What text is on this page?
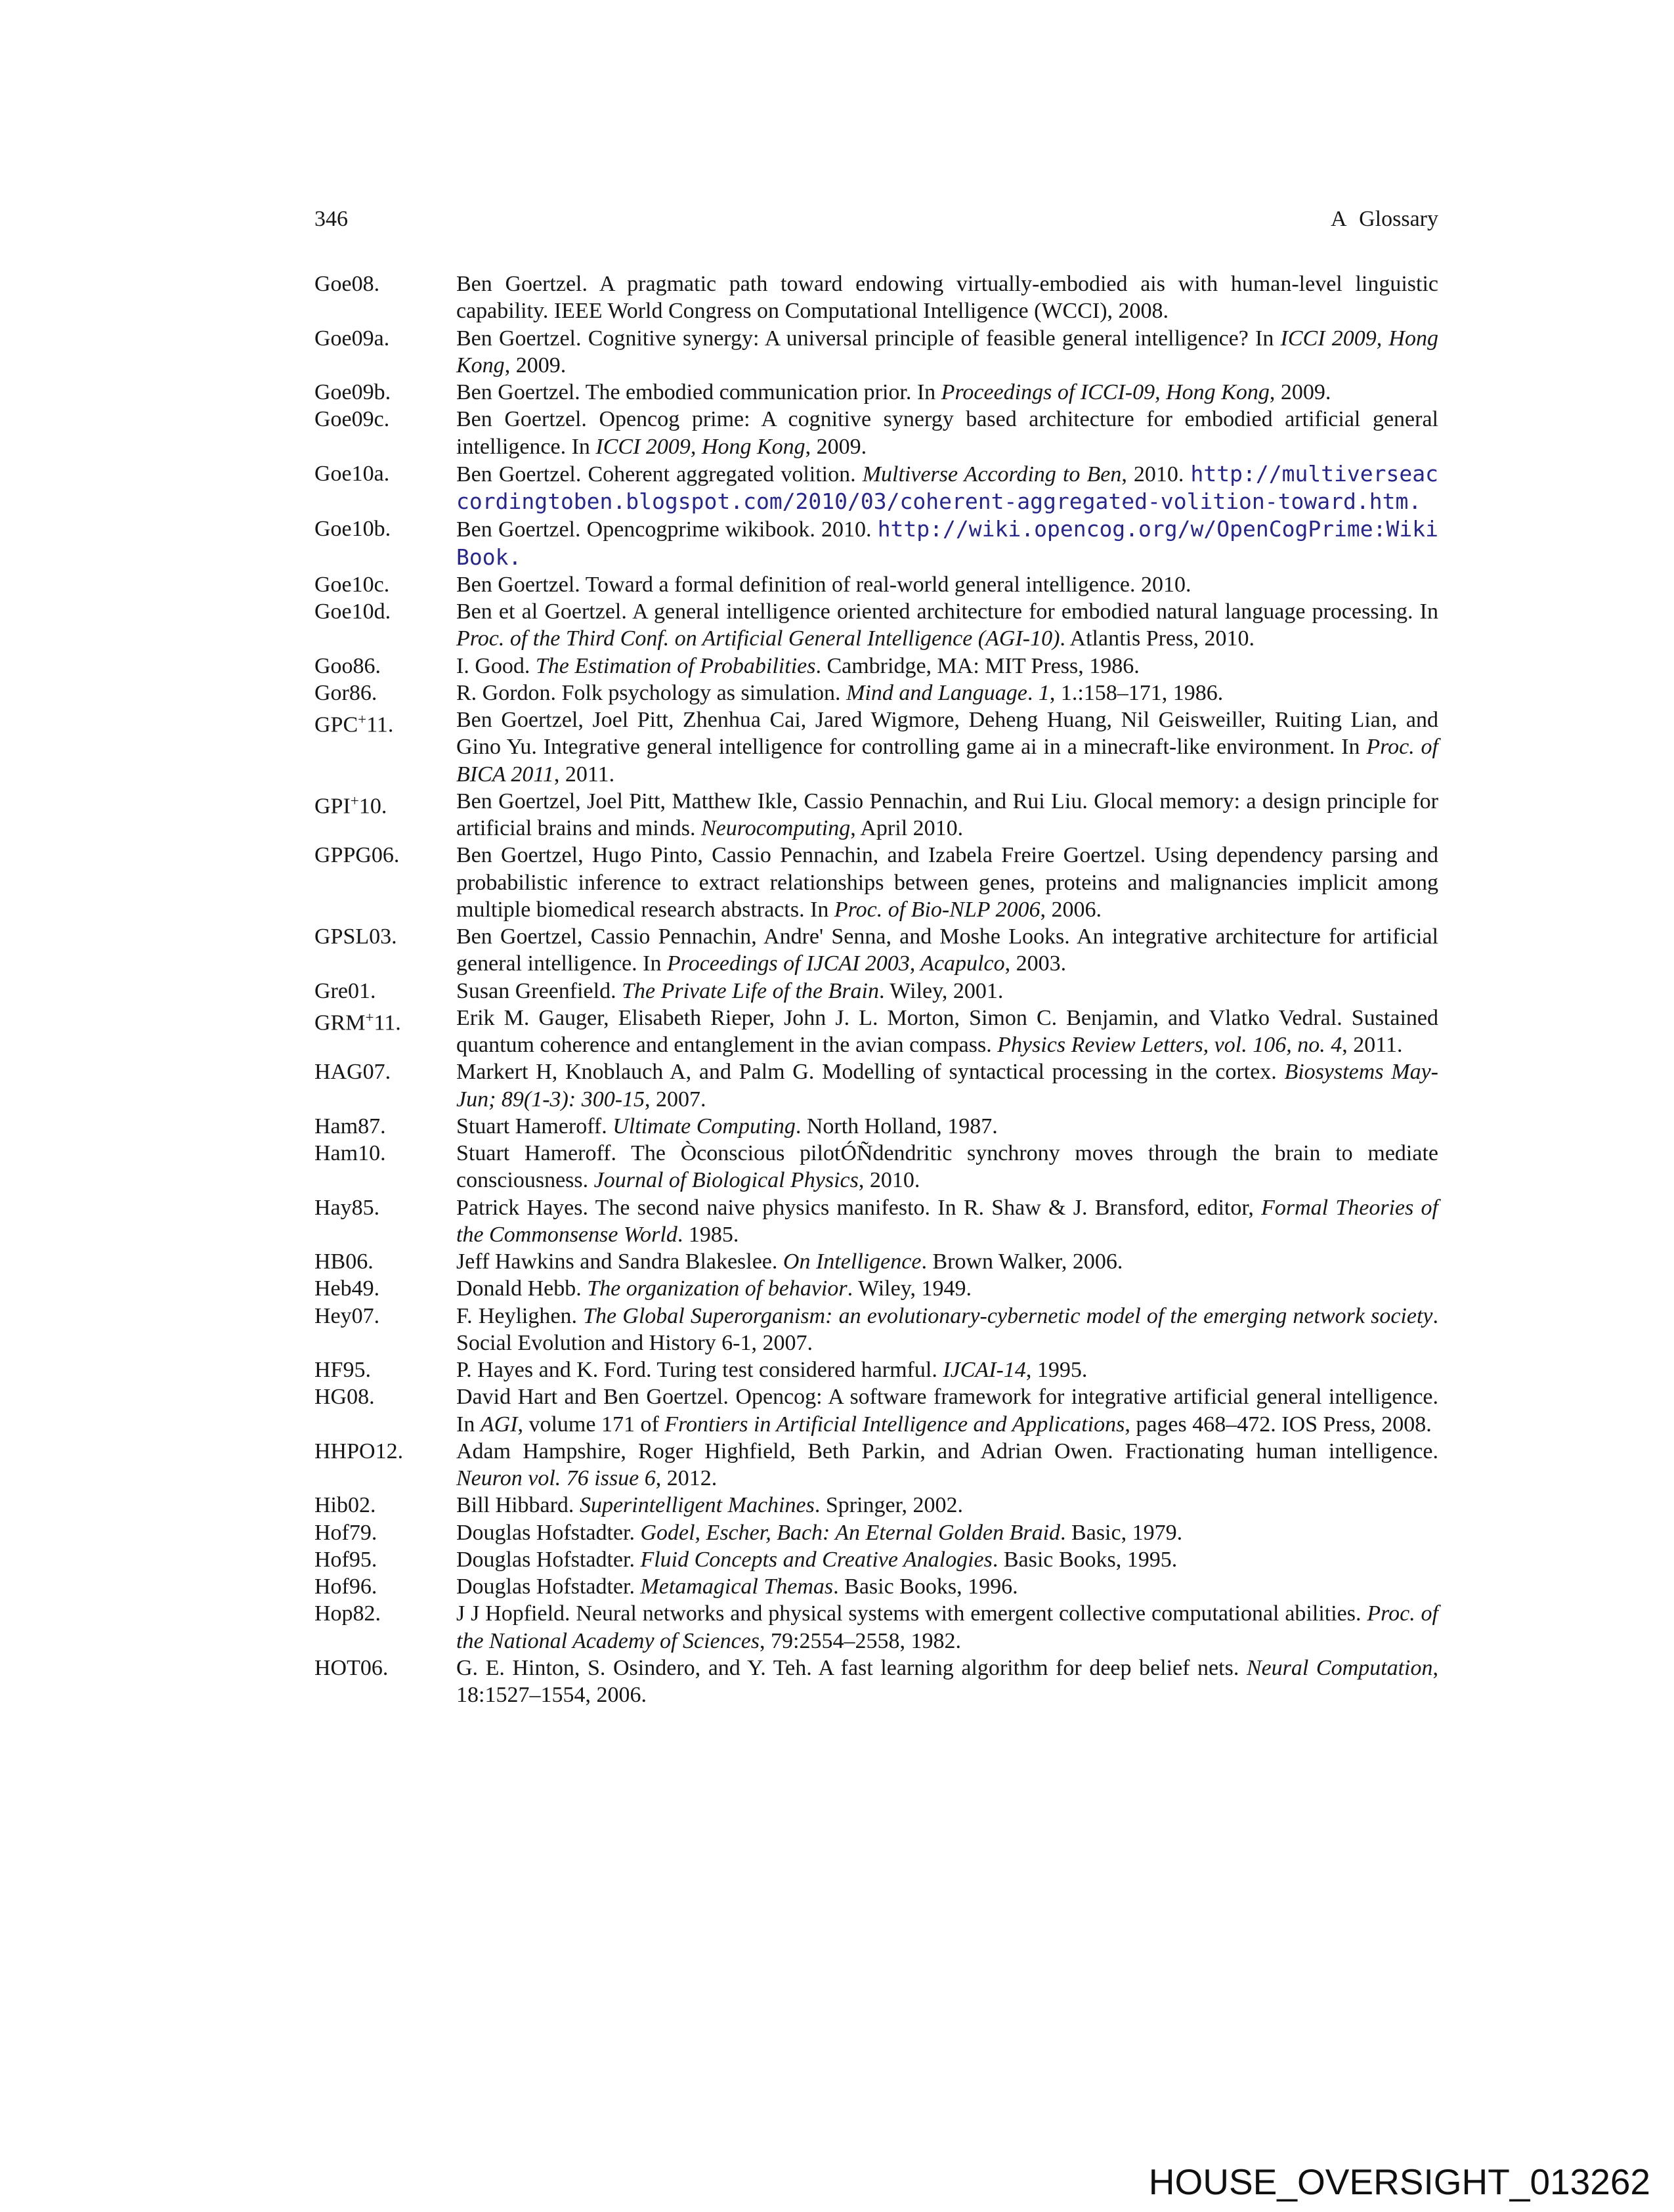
346	A Glossary
Goe08.	Ben Goertzel. A pragmatic path toward endowing virtually-embodied ais with human-level linguistic capability. IEEE World Congress on Computational Intelligence (WCCI), 2008.
Goe09a.	Ben Goertzel. Cognitive synergy: A universal principle of feasible general intelligence? In ICCI 2009, Hong Kong, 2009.
Goe09b.	Ben Goertzel. The embodied communication prior. In Proceedings of ICCI-09, Hong Kong, 2009.
Goe09c.	Ben Goertzel. Opencog prime: A cognitive synergy based architecture for embodied artificial general intelligence. In ICCI 2009, Hong Kong, 2009.
Goe10a.	Ben Goertzel. Coherent aggregated volition. Multiverse According to Ben, 2010. http://multiverseaccordingtoben.blogspot.com/2010/03/coherent-aggregated-volition-toward.htm.
Goe10b.	Ben Goertzel. Opencogprime wikibook. 2010. http://wiki.opencog.org/w/OpenCogPrime:WikiBook.
Goe10c.	Ben Goertzel. Toward a formal definition of real-world general intelligence. 2010.
Goe10d.	Ben et al Goertzel. A general intelligence oriented architecture for embodied natural language processing. In Proc. of the Third Conf. on Artificial General Intelligence (AGI-10). Atlantis Press, 2010.
Goo86.	I. Good. The Estimation of Probabilities. Cambridge, MA: MIT Press, 1986.
Gor86.	R. Gordon. Folk psychology as simulation. Mind and Language. 1, 1.:158–171, 1986.
GPC+11.	Ben Goertzel, Joel Pitt, Zhenhua Cai, Jared Wigmore, Deheng Huang, Nil Geisweiller, Ruiting Lian, and Gino Yu. Integrative general intelligence for controlling game ai in a minecraft-like environment. In Proc. of BICA 2011, 2011.
GPI+10.	Ben Goertzel, Joel Pitt, Matthew Ikle, Cassio Pennachin, and Rui Liu. Glocal memory: a design principle for artificial brains and minds. Neurocomputing, April 2010.
GPPG06.	Ben Goertzel, Hugo Pinto, Cassio Pennachin, and Izabela Freire Goertzel. Using dependency parsing and probabilistic inference to extract relationships between genes, proteins and malignancies implicit among multiple biomedical research abstracts. In Proc. of Bio-NLP 2006, 2006.
GPSL03.	Ben Goertzel, Cassio Pennachin, Andre' Senna, and Moshe Looks. An integrative architecture for artificial general intelligence. In Proceedings of IJCAI 2003, Acapulco, 2003.
Gre01.	Susan Greenfield. The Private Life of the Brain. Wiley, 2001.
GRM+11.	Erik M. Gauger, Elisabeth Rieper, John J. L. Morton, Simon C. Benjamin, and Vlatko Vedral. Sustained quantum coherence and entanglement in the avian compass. Physics Review Letters, vol. 106, no. 4, 2011.
HAG07.	Markert H, Knoblauch A, and Palm G. Modelling of syntactical processing in the cortex. Biosystems May-Jun; 89(1-3): 300-15, 2007.
Ham87.	Stuart Hameroff. Ultimate Computing. North Holland, 1987.
Ham10.	Stuart Hameroff. The Òconscious pilotÓÑdendritic synchrony moves through the brain to mediate consciousness. Journal of Biological Physics, 2010.
Hay85.	Patrick Hayes. The second naive physics manifesto. In R. Shaw & J. Bransford, editor, Formal Theories of the Commonsense World. 1985.
HB06.	Jeff Hawkins and Sandra Blakeslee. On Intelligence. Brown Walker, 2006.
Heb49.	Donald Hebb. The organization of behavior. Wiley, 1949.
Hey07.	F. Heylighen. The Global Superorganism: an evolutionary-cybernetic model of the emerging network society. Social Evolution and History 6-1, 2007.
HF95.	P. Hayes and K. Ford. Turing test considered harmful. IJCAI-14, 1995.
HG08.	David Hart and Ben Goertzel. Opencog: A software framework for integrative artificial general intelligence. In AGI, volume 171 of Frontiers in Artificial Intelligence and Applications, pages 468–472. IOS Press, 2008.
HHPO12.	Adam Hampshire, Roger Highfield, Beth Parkin, and Adrian Owen. Fractionating human intelligence. Neuron vol. 76 issue 6, 2012.
Hib02.	Bill Hibbard. Superintelligent Machines. Springer, 2002.
Hof79.	Douglas Hofstadter. Godel, Escher, Bach: An Eternal Golden Braid. Basic, 1979.
Hof95.	Douglas Hofstadter. Fluid Concepts and Creative Analogies. Basic Books, 1995.
Hof96.	Douglas Hofstadter. Metamagical Themas. Basic Books, 1996.
Hop82.	J J Hopfield. Neural networks and physical systems with emergent collective computational abilities. Proc. of the National Academy of Sciences, 79:2554–2558, 1982.
HOT06.	G. E. Hinton, S. Osindero, and Y. Teh. A fast learning algorithm for deep belief nets. Neural Computation, 18:1527–1554, 2006.
HOUSE_OVERSIGHT_013262
